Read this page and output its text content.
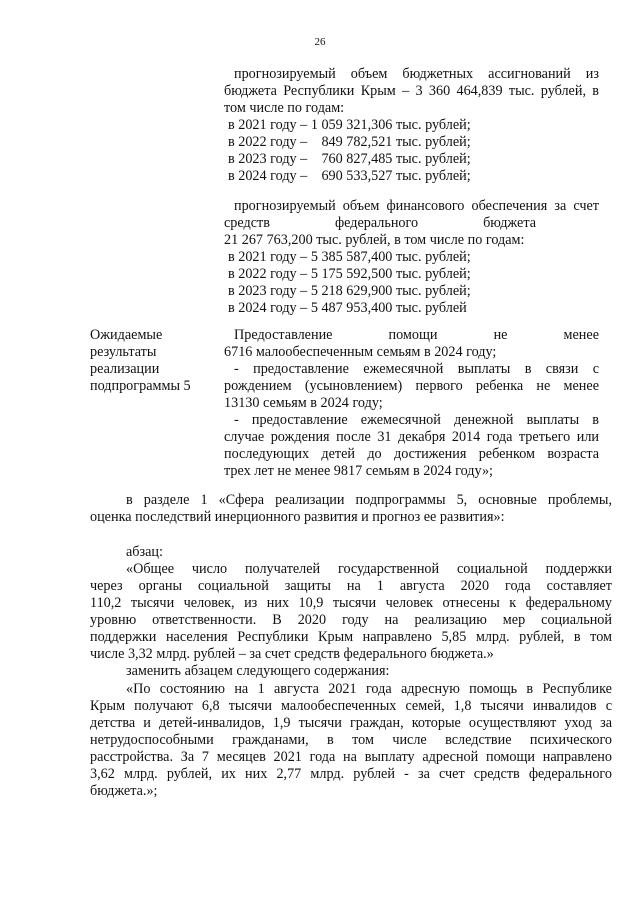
26
прогнозируемый объем бюджетных ассигнований из
бюджета Республики Крым – 3 360 464,839 тыс. рублей, в
том числе по годам:
в 2021 году – 1 059 321,306 тыс. рублей;
в 2022 году –    849 782,521 тыс. рублей;
в 2023 году –    760 827,485 тыс. рублей;
в 2024 году –    690 533,527 тыс. рублей;
прогнозируемый объем финансового обеспечения за счет
средств федерального бюджета
21 267 763,200 тыс. рублей, в том числе по годам:
в 2021 году – 5 385 587,400 тыс. рублей;
в 2022 году – 5 175 592,500 тыс. рублей;
в 2023 году – 5 218 629,900 тыс. рублей;
в 2024 году – 5 487 953,400 тыс. рублей
Ожидаемые
результаты
реализации
подпрограммы 5
Предоставление помощи не менее
6716 малообеспеченным семьям в 2024 году;
- предоставление ежемесячной выплаты в связи с
рождением (усыновлением) первого ребенка не менее
13130 семьям в 2024 году;
- предоставление ежемесячной денежной выплаты в
случае рождения после 31 декабря 2014 года третьего или
последующих детей до достижения ребенком возраста
трех лет не менее 9817 семьям в 2024 году»;
в разделе 1 «Сфера реализации подпрограммы 5, основные проблемы,
оценка последствий инерционного развития и прогноз ее развития»:
абзац:
«Общее число получателей государственной социальной поддержки
через органы социальной защиты на 1 августа 2020 года составляет
110,2 тысячи человек, из них 10,9 тысячи человек отнесены к федеральному
уровню ответственности. В 2020 году на реализацию мер социальной
поддержки населения Республики Крым направлено 5,85 млрд. рублей, в том
числе 3,32 млрд. рублей – за счет средств федерального бюджета.»
заменить абзацем следующего содержания:
«По состоянию на 1 августа 2021 года адресную помощь в Республике
Крым получают 6,8 тысячи малообеспеченных семей, 1,8 тысячи инвалидов с
детства и детей-инвалидов, 1,9 тысячи граждан, которые осуществляют уход за
нетрудоспособными гражданами, в том числе вследствие психического
расстройства. За 7 месяцев 2021 года на выплату адресной помощи направлено
3,62 млрд. рублей, их них 2,77 млрд. рублей - за счет средств федерального
бюджета.»;
